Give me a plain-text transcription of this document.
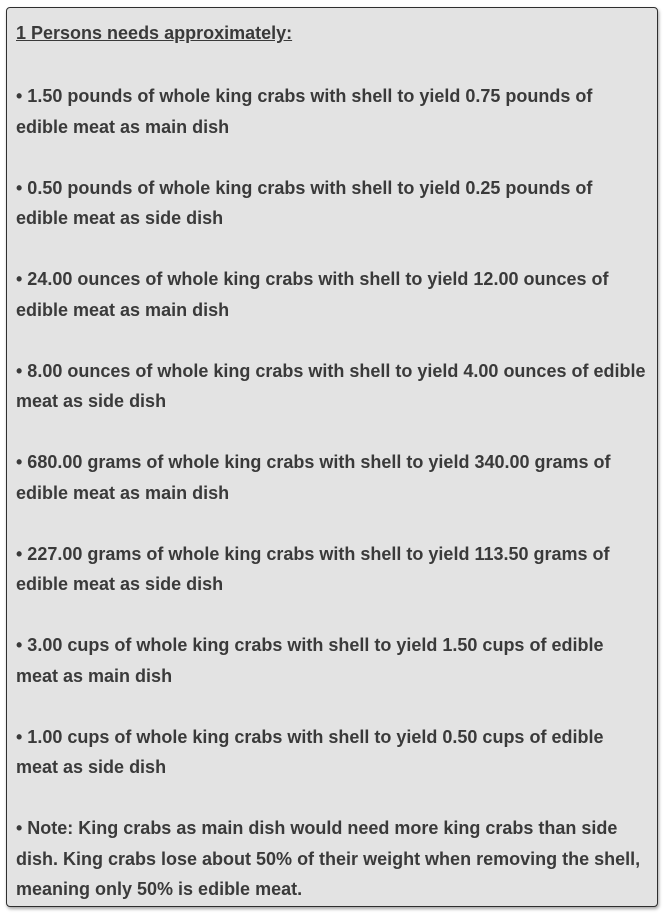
1 Persons needs approximately:
• 1.50 pounds of whole king crabs with shell to yield 0.75 pounds of edible meat as main dish
• 0.50 pounds of whole king crabs with shell to yield 0.25 pounds of edible meat as side dish
• 24.00 ounces of whole king crabs with shell to yield 12.00 ounces of edible meat as main dish
• 8.00 ounces of whole king crabs with shell to yield 4.00 ounces of edible meat as side dish
• 680.00 grams of whole king crabs with shell to yield 340.00 grams of edible meat as main dish
• 227.00 grams of whole king crabs with shell to yield 113.50 grams of edible meat as side dish
• 3.00 cups of whole king crabs with shell to yield 1.50 cups of edible meat as main dish
• 1.00 cups of whole king crabs with shell to yield 0.50 cups of edible meat as side dish
• Note: King crabs as main dish would need more king crabs than side dish. King crabs lose about 50% of their weight when removing the shell, meaning only 50% is edible meat.
